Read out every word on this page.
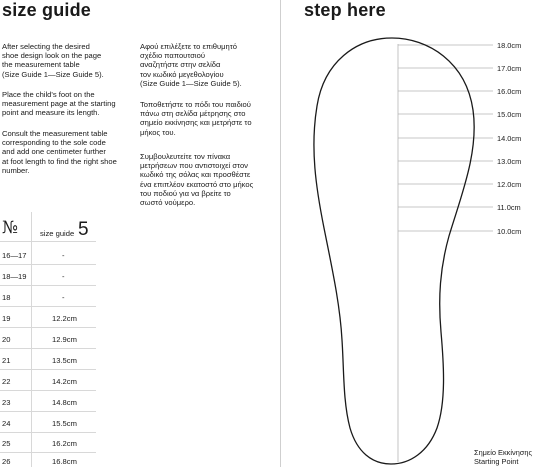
size guide
After selecting the desired
shoe design look on the page
the measurement table
(Size Guide 1—Size Guide 5).
Place the child's foot on the
measurement page at the starting
point and measure its length.
Consult the measurement table
corresponding to the sole code
and add one centimeter further
at foot length to find the right shoe
number.
Αφού επιλέξετε το επιθυμητό
σχέδιο παπουτσιού
αναζητήστε στην σελίδα
τον κωδικό μεγεθολογίου
(Size Guide 1—Size Guide 5).
Τοποθετήστε το πόδι του παιδιού
πάνω στη σελίδα μέτρησης στο
σημείο εκκίνησης και μετρήστε το
μήκος του.
Συμβουλευτείτε τον πίνακα
μετρήσεων που αντιστοιχεί στον
κωδικό της σόλας και προσθέστε
ένα επιπλέον εκατοστό στο μήκος
του ποδιού για να βρείτε το
σωστό νούμερο.
№	size guide 5
16—17	-
18—19	-
18	-
19	12.2cm
20	12.9cm
21	13.5cm
22	14.2cm
23	14.8cm
24	15.5cm
25	16.2cm
26	16.8cm
step here
18.0cm
17.0cm
16.0cm
15.0cm
14.0cm
13.0cm
12.0cm
11.0cm
10.0cm
Σημείο Εκκίνησης
Starting Point
